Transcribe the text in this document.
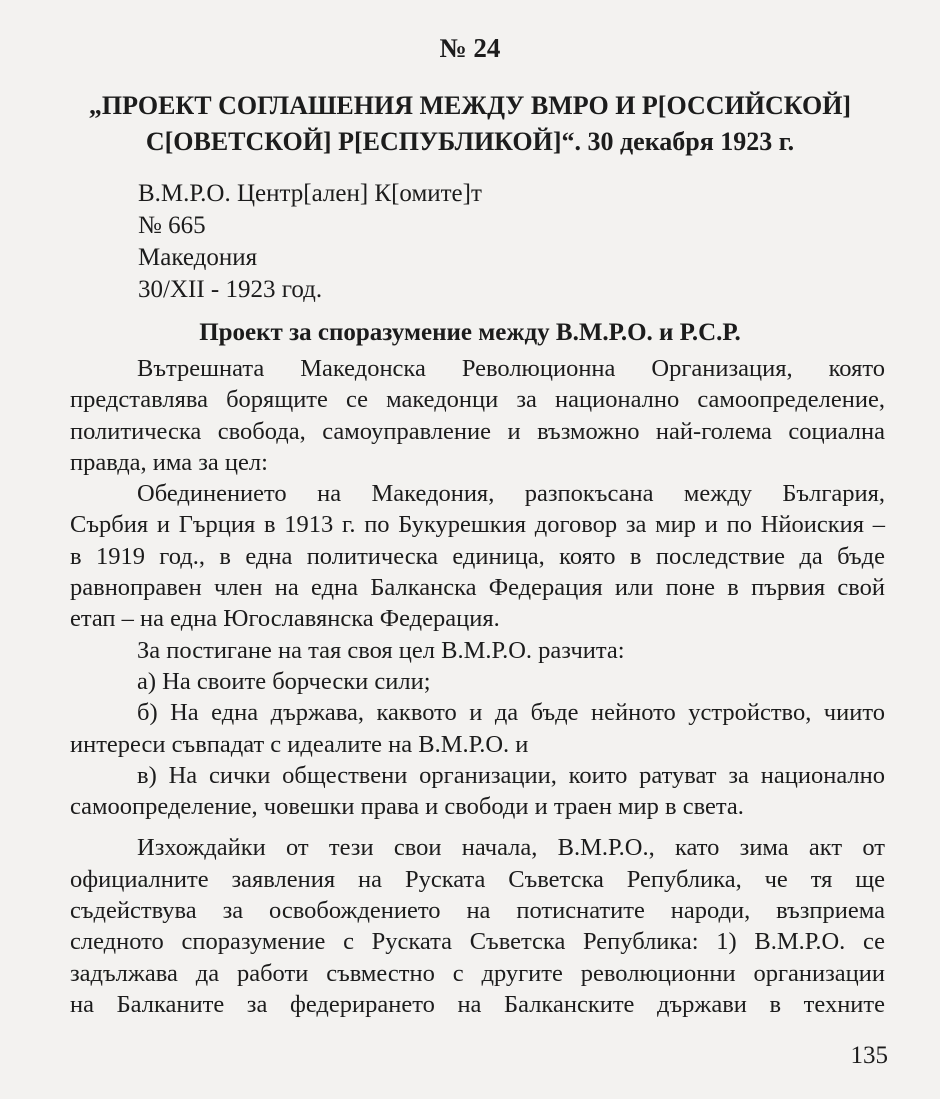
№ 24
„ПРОЕКТ СОГЛАШЕНИЯ МЕЖДУ ВМРО И Р[ОССИЙСКОЙ]
С[ОВЕТСКОЙ] Р[ЕСПУБЛИКОЙ]“. 30 декабря 1923 г.
В.М.Р.О. Центр[ален] К[омите]т
№ 665
Македония
30/XII - 1923 год.
Проект за споразумение между В.М.Р.О. и Р.С.Р.
Вътрешната Македонска Революционна Организация, която
представлява борящите се македонци за национално самоопределение,
политическа свобода, самоуправление и възможно най-голема социална
правда, има за цел:
Обединението на Македония, разпокъсана между България,
Сърбия и Гърция в 1913 г. по Букурешкия договор за мир и по Нйоиския –
в 1919 год., в една политическа единица, която в последствие да бъде
равноправен член на една Балканска Федерация или поне в първия свой
етап – на една Югославянска Федерация.
За постигане на тая своя цел В.М.Р.О. разчита:
а) На своите борчески сили;
б) На една държава, каквото и да бъде нейното устройство, чиито
интереси съвпадат с идеалите на В.М.Р.О. и
в) На сички обществени организации, които ратуват за национално
самоопределение, човешки права и свободи и траен мир в света.
Изхождайки от тези свои начала, В.М.Р.О., като зима акт от
официалните заявления на Руската Съветска Република, че тя ще
съдействува за освобождението на потиснатите народи, възприема
следното споразумение с Руската Съветска Република: 1) В.М.Р.О. се
задължава да работи съвместно с другите революционни организации
на Балканите за федерирането на Балканските държави в техните
135
